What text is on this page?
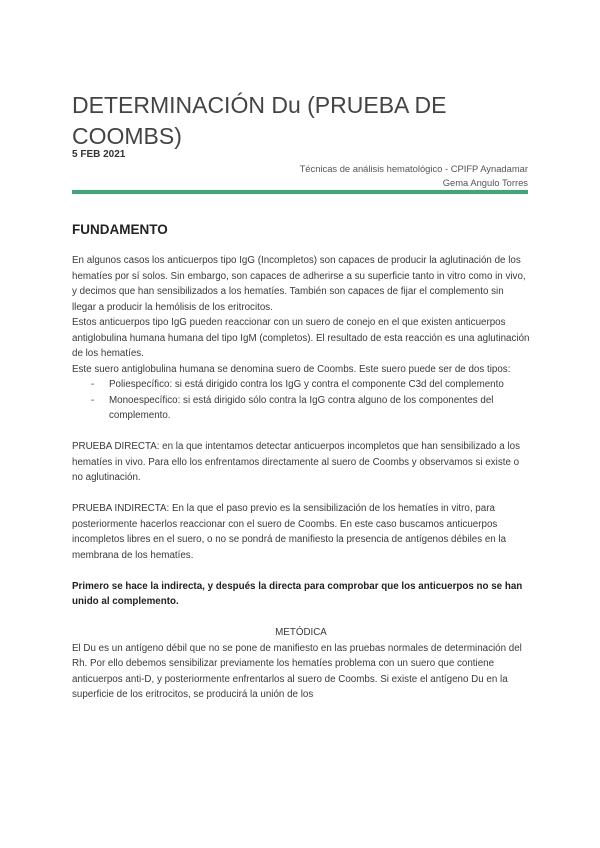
DETERMINACIÓN Du (PRUEBA DE COOMBS)
5 FEB 2021
Técnicas de análisis hematológico - CPIFP Aynadamar
Gema Angulo Torres
FUNDAMENTO

En algunos casos los anticuerpos tipo IgG (Incompletos) son capaces de producir la aglutinación de los hematíes por sí solos. Sin embargo, son capaces de adherirse a su superficie tanto in vitro como in vivo, y decimos que han sensibilizados a los hematíes. También son capaces de fijar el complemento sin llegar a producir la hemólisis de los eritrocitos.

Estos anticuerpos tipo IgG pueden reaccionar con un suero de conejo en el que existen anticuerpos antiglobulina humana humana del tipo IgM (completos). El resultado de esta reacción es una aglutinación de los hematíes.

Este suero antiglobulina humana se denomina suero de Coombs. Este suero puede ser de dos tipos:

- Poliespecífico: si está dirigido contra los IgG y contra el componente C3d del complemento
- Monoespecífico: si está dirigido sólo contra la IgG contra alguno de los componentes del complemento.

PRUEBA DIRECTA: en la que intentamos detectar anticuerpos incompletos que han sensibilizado a los hematíes in vivo. Para ello los enfrentamos directamente al suero de Coombs y observamos si existe o no aglutinación.

PRUEBA INDIRECTA: En la que el paso previo es la sensibilización de los hematíes in vitro, para posteriormente hacerlos reaccionar con el suero de Coombs. En este caso buscamos anticuerpos incompletos libres en el suero, o no se pondrá de manifiesto la presencia de antígenos débiles en la membrana de los hematíes.

Primero se hace la indirecta, y después la directa para comprobar que los anticuerpos no se han unido al complemento.

METÓDICA

El Du es un antígeno débil que no se pone de manifiesto en las pruebas normales de determinación del Rh. Por ello debemos sensibilizar previamente los hematíes problema con un suero que contiene anticuerpos anti-D, y posteriormente enfrentarlos al suero de Coombs. Si existe el antígeno Du en la superficie de los eritrocitos, se producirá la unión de los
